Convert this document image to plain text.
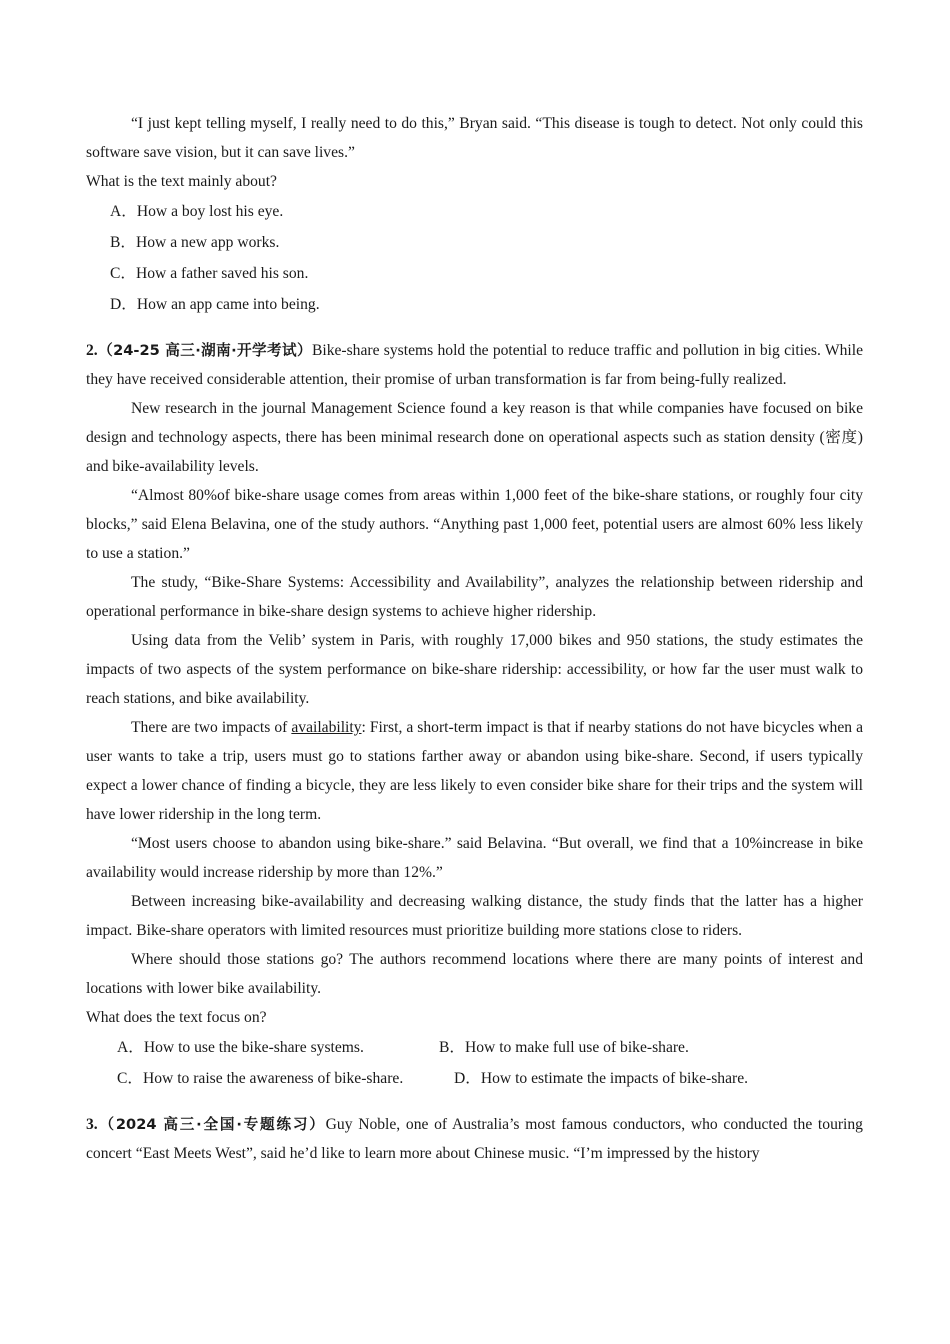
“I just kept telling myself, I really need to do this,” Bryan said. “This disease is tough to detect. Not only could this software save vision, but it can save lives.”

What is the text mainly about?

A．How a boy lost his eye.
B．How a new app works.
C．How a father saved his son.
D．How an app came into being.

2.（24-25 高三·湖南·开学考试）Bike-share systems hold the potential to reduce traffic and pollution in big cities. While they have received considerable attention, their promise of urban transformation is far from being-fully realized.

New research in the journal Management Science found a key reason is that while companies have focused on bike design and technology aspects, there has been minimal research done on operational aspects such as station density (密度) and bike-availability levels.

“Almost 80%of bike-share usage comes from areas within 1,000 feet of the bike-share stations, or roughly four city blocks,” said Elena Belavina, one of the study authors. “Anything past 1,000 feet, potential users are almost 60% less likely to use a station.”

The study, “Bike-Share Systems: Accessibility and Availability”, analyzes the relationship between ridership and operational performance in bike-share design systems to achieve higher ridership.

Using data from the Velib’ system in Paris, with roughly 17,000 bikes and 950 stations, the study estimates the impacts of two aspects of the system performance on bike-share ridership: accessibility, or how far the user must walk to reach stations, and bike availability.

There are two impacts of availability: First, a short-term impact is that if nearby stations do not have bicycles when a user wants to take a trip, users must go to stations farther away or abandon using bike-share. Second, if users typically expect a lower chance of finding a bicycle, they are less likely to even consider bike share for their trips and the system will have lower ridership in the long term.

“Most users choose to abandon using bike-share.” said Belavina. “But overall, we find that a 10%increase in bike availability would increase ridership by more than 12%.”

Between increasing bike-availability and decreasing walking distance, the study finds that the latter has a higher impact. Bike-share operators with limited resources must prioritize building more stations close to riders.

Where should those stations go? The authors recommend locations where there are many points of interest and locations with lower bike availability.

What does the text focus on?

A．How to use the bike-share systems.	B．How to make full use of bike-share.
C．How to raise the awareness of bike-share.	D．How to estimate the impacts of bike-share.

3.（2024 高三·全国·专题练习）Guy Noble, one of Australia’s most famous conductors, who conducted the touring concert “East Meets West”, said he’d like to learn more about Chinese music. “I’m impressed by the history
